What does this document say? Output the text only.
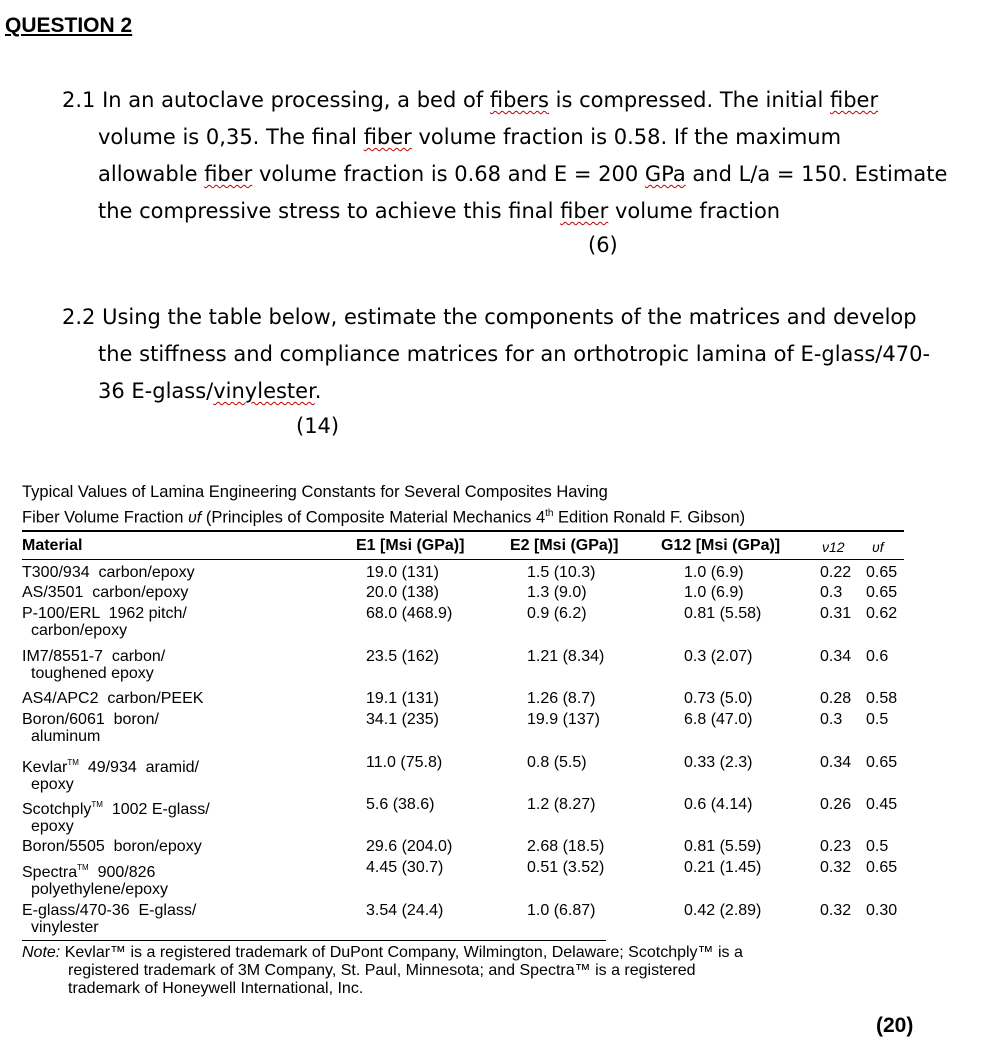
QUESTION 2
2.1 In an autoclave processing, a bed of fibers is compressed. The initial fiber
volume is 0,35. The final fiber volume fraction is 0.58. If the maximum
allowable fiber volume fraction is 0.68 and E = 200 GPa and L/a = 150. Estimate
the compressive stress to achieve this final fiber volume fraction
(6)
2.2 Using the table below, estimate the components of the matrices and develop
the stiffness and compliance matrices for an orthotropic lamina of E-glass/470-
36 E-glass/vinylester.
(14)
Typical Values of Lamina Engineering Constants for Several Composites Having
Fiber Volume Fraction υf (Principles of Composite Material Mechanics 4th Edition Ronald F. Gibson)
Material	E1 [Msi (GPa)]	E2 [Msi (GPa)]	G12 [Msi (GPa)]	ν12 υf
T300/934  carbon/epoxy	19.0 (131)	1.5 (10.3)	1.0 (6.9)	0.22 0.65
AS/3501  carbon/epoxy	20.0 (138)	1.3 (9.0)	1.0 (6.9)	0.3 0.65
P-100/ERL  1962 pitch/
carbon/epoxy
68.0 (468.9)	0.9 (6.2)	0.81 (5.58)	0.31 0.62
IM7/8551-7  carbon/
toughened epoxy
23.5 (162)	1.21 (8.34)	0.3 (2.07)	0.34 0.6
AS4/APC2  carbon/PEEK	19.1 (131)	1.26 (8.7)	0.73 (5.0)	0.28 0.58
Boron/6061  boron/
aluminum
34.1 (235)	19.9 (137)	6.8 (47.0)	0.3 0.5
Kevlar™  49/934  aramid/
epoxy
11.0 (75.8)	0.8 (5.5)	0.33 (2.3)	0.34 0.65
Scotchply™  1002 E-glass/
epoxy
5.6 (38.6)	1.2 (8.27)	0.6 (4.14)	0.26 0.45
Boron/5505  boron/epoxy	29.6 (204.0)	2.68 (18.5)	0.81 (5.59)	0.23 0.5
Spectra™  900/826
polyethylene/epoxy
4.45 (30.7)	0.51 (3.52)	0.21 (1.45)	0.32 0.65
E-glass/470-36  E-glass/
vinylester
3.54 (24.4)	1.0 (6.87)	0.42 (2.89)	0.32 0.30
Note: Kevlar™ is a registered trademark of DuPont Company, Wilmington, Delaware; Scotchply™ is a
registered trademark of 3M Company, St. Paul, Minnesota; and Spectra™ is a registered
trademark of Honeywell International, Inc.
(20)
